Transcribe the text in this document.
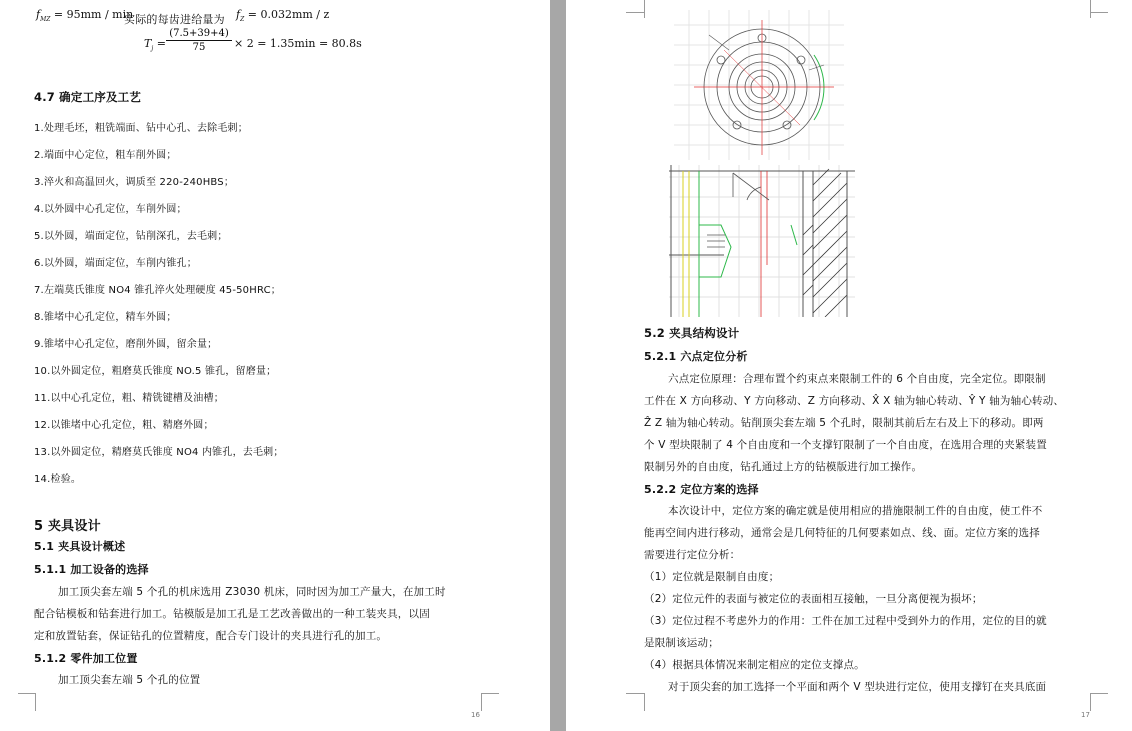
$f_{MZ} = 95mm / \min$
实际的每齿进给量为 $f_Z = 0.032mm / z$
$T_j$ =
(7.5+39+4)
75	× 2 = 1.35min = 80.8s
4.7 确定工序及工艺
1.处理毛坯，粗铣端面、钻中心孔、去除毛刺；
2.端面中心定位，粗车削外圆；
3.淬火和高温回火，调质至 220-240HBS；
4.以外圆中心孔定位，车削外圆；
5.以外圆，端面定位，钻削深孔，去毛刺；
6.以外圆，端面定位，车削内锥孔；
7.左端莫氏锥度 NO4 锥孔淬火处理硬度 45-50HRC；
8.锥堵中心孔定位，精车外圆；
9.锥堵中心孔定位，磨削外圆，留余量；
10.以外圆定位，粗磨莫氏锥度 NO.5 锥孔，留磨量；
11.以中心孔定位，粗、精铣键槽及油槽；
12.以锥堵中心孔定位，粗、精磨外圆；
13.以外圆定位，精磨莫氏锥度 NO4 内锥孔，去毛刺；
14.检验。
5 夹具设计
5.1 夹具设计概述
5.1.1 加工设备的选择
加工顶尖套左端 5 个孔的机床选用 Z3030 机床，同时因为加工产量大，在加工时
配合钻模板和钻套进行加工。钻模版是加工孔是工艺改善做出的一种工装夹具，以固
定和放置钻套，保证钻孔的位置精度，配合专门设计的夹具进行孔的加工。
5.1.2 零件加工位置
加工顶尖套左端 5 个孔的位置
16
5.2 夹具结构设计
5.2.1 六点定位分析
六点定位原理：合理布置个约束点来限制工件的 6 个自由度，完全定位。即限制
工件在 X 方向移动、Y 方向移动、Z 方向移动、X̂ X 轴为轴心转动、Ŷ Y 轴为轴心转动、
Ẑ Z 轴为轴心转动。钻削顶尖套左端 5 个孔时，限制其前后左右及上下的移动。即两
个 V 型块限制了 4 个自由度和一个支撑钉限制了一个自由度，在选用合理的夹紧装置
限制另外的自由度，钻孔通过上方的钻模版进行加工操作。
5.2.2 定位方案的选择
本次设计中，定位方案的确定就是使用相应的措施限制工件的自由度，使工件不
能再空间内进行移动，通常会是几何特征的几何要素如点、线、面。定位方案的选择
需要进行定位分析：
（1）定位就是限制自由度；
（2）定位元件的表面与被定位的表面相互接触，一旦分离便视为损坏；
（3）定位过程不考虑外力的作用：工件在加工过程中受到外力的作用，定位的目的就
是限制该运动；
（4）根据具体情况来制定相应的定位支撑点。
对于顶尖套的加工选择一个平面和两个 V 型块进行定位，使用支撑钉在夹具底面
17
